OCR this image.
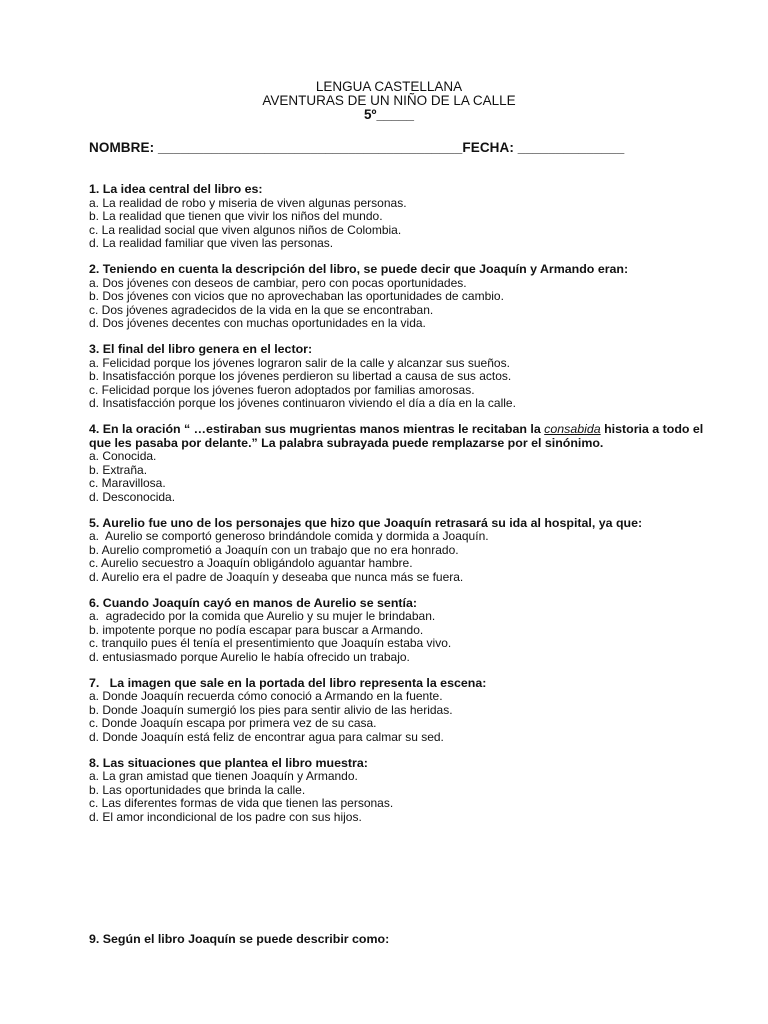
LENGUA CASTELLANA
AVENTURAS DE UN NIÑO DE LA CALLE
5º_____
NOMBRE: ________________________________________FECHA: ______________
1. La idea central del libro es:
a. La realidad de robo y miseria de viven algunas personas.
b. La realidad que tienen que vivir los niños del mundo.
c. La realidad social que viven algunos niños de Colombia.
d. La realidad familiar que viven las personas.
2. Teniendo en cuenta la descripción del libro, se puede decir que Joaquín y Armando eran:
a. Dos jóvenes con deseos de cambiar, pero con pocas oportunidades.
b. Dos jóvenes con vicios que no aprovechaban las oportunidades de cambio.
c. Dos jóvenes agradecidos de la vida en la que se encontraban.
d. Dos jóvenes decentes con muchas oportunidades en la vida.
3. El final del libro genera en el lector:
a. Felicidad porque los jóvenes lograron salir de la calle y alcanzar sus sueños.
b. Insatisfacción porque los jóvenes perdieron su libertad a causa de sus actos.
c. Felicidad porque los jóvenes fueron adoptados por familias amorosas.
d. Insatisfacción porque los jóvenes continuaron viviendo el día a día en la calle.
4. En la oración “ …estiraban sus mugrientas manos mientras le recitaban la consabida historia a todo el que les pasaba por delante.” La palabra subrayada puede remplazarse por el sinónimo.
a. Conocida.
b. Extraña.
c. Maravillosa.
d. Desconocida.
5. Aurelio fue uno de los personajes que hizo que Joaquín retrasará su ida al hospital, ya que:
a.  Aurelio se comportó generoso brindándole comida y dormida a Joaquín.
b. Aurelio comprometió a Joaquín con un trabajo que no era honrado.
c. Aurelio secuestro a Joaquín obligándolo aguantar hambre.
d. Aurelio era el padre de Joaquín y deseaba que nunca más se fuera.
6. Cuando Joaquín cayó en manos de Aurelio se sentía:
a.  agradecido por la comida que Aurelio y su mujer le brindaban.
b. impotente porque no podía escapar para buscar a Armando.
c. tranquilo pues él tenía el presentimiento que Joaquín estaba vivo.
d. entusiasmado porque Aurelio le había ofrecido un trabajo.
7.   La imagen que sale en la portada del libro representa la escena:
a. Donde Joaquín recuerda cómo conoció a Armando en la fuente.
b. Donde Joaquín sumergió los pies para sentir alivio de las heridas.
c. Donde Joaquín escapa por primera vez de su casa.
d. Donde Joaquín está feliz de encontrar agua para calmar su sed.
8. Las situaciones que plantea el libro muestra:
a. La gran amistad que tienen Joaquín y Armando.
b. Las oportunidades que brinda la calle.
c. Las diferentes formas de vida que tienen las personas.
d. El amor incondicional de los padre con sus hijos.
9. Según el libro Joaquín se puede describir como:
